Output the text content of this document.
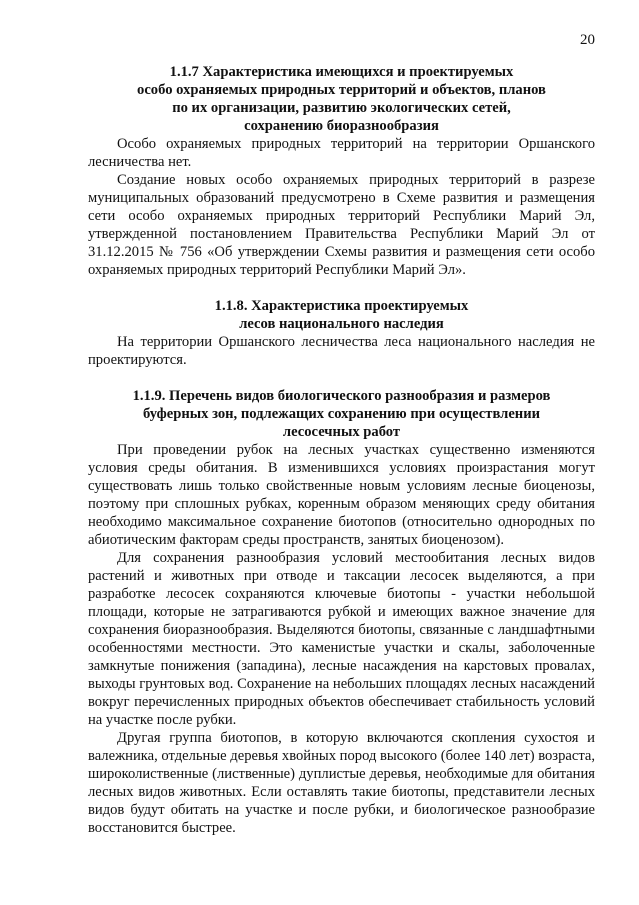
20
1.1.7 Характеристика имеющихся и проектируемых
особо охраняемых природных территорий и объектов, планов
по их организации, развитию экологических сетей,
сохранению биоразнообразия

Особо охраняемых природных территорий на территории Оршанского лесничества нет.

Создание новых особо охраняемых природных территорий в разрезе муниципальных образований предусмотрено в Схеме развития и размещения сети особо охраняемых природных территорий Республики Марий Эл, утвержденной постановлением Правительства Республики Марий Эл от 31.12.2015 № 756 «Об утверждении Схемы развития и размещения сети особо охраняемых природных территорий Республики Марий Эл».

1.1.8. Характеристика проектируемых
лесов национального наследия

На территории Оршанского лесничества леса национального наследия не проектируются.

1.1.9. Перечень видов биологического разнообразия и размеров
буферных зон, подлежащих сохранению при осуществлении
лесосечных работ

При проведении рубок на лесных участках существенно изменяются условия среды обитания. В изменившихся условиях произрастания могут существовать лишь только свойственные новым условиям лесные биоценозы, поэтому при сплошных рубках, коренным образом меняющих среду обитания необходимо максимальное сохранение биотопов (относительно однородных по абиотическим факторам среды пространств, занятых биоценозом).

Для сохранения разнообразия условий местообитания лесных видов растений и животных при отводе и таксации лесосек выделяются, а при разработке лесосек сохраняются ключевые биотопы - участки небольшой площади, которые не затрагиваются рубкой и имеющих важное значение для сохранения биоразнообразия. Выделяются биотопы, связанные с ландшафтными особенностями местности. Это каменистые участки и скалы, заболоченные замкнутые понижения (западина), лесные насаждения на карстовых провалах, выходы грунтовых вод. Сохранение на небольших площадях лесных насаждений вокруг перечисленных природных объектов обеспечивает стабильность условий на участке после рубки.

Другая группа биотопов, в которую включаются скопления сухостоя и валежника, отдельные деревья хвойных пород высокого (более 140 лет) возраста, широколиственные (лиственные) дуплистые деревья, необходимые для обитания лесных видов животных. Если оставлять такие биотопы, представители лесных видов будут обитать на участке и после рубки, и биологическое разнообразие восстановится быстрее.
